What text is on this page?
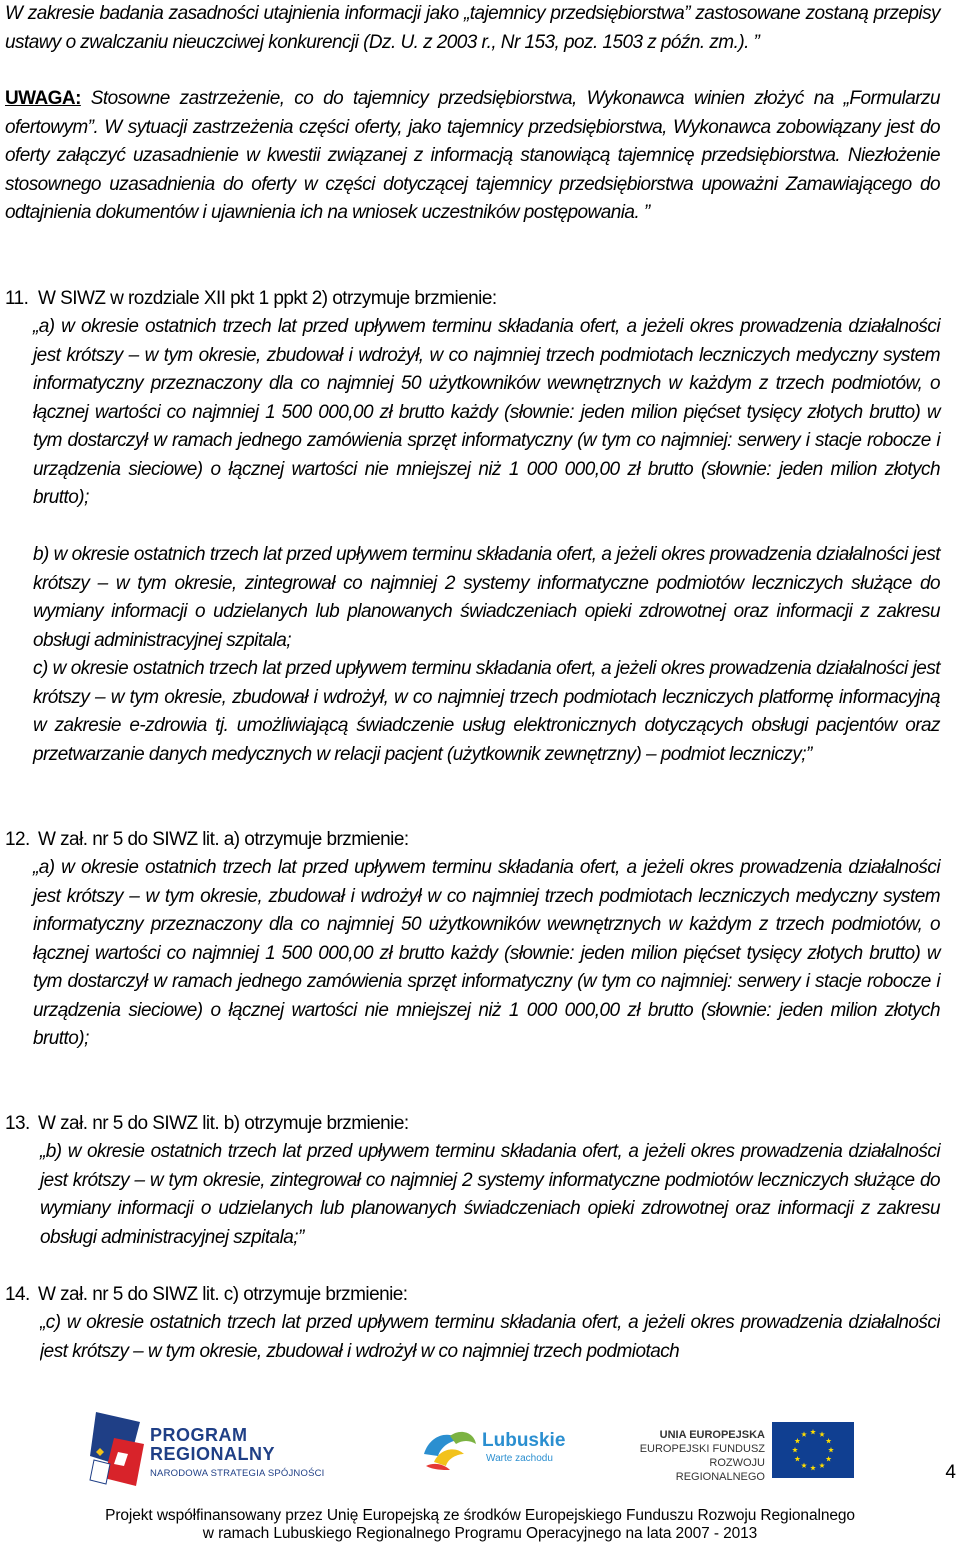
W zakresie badania zasadności utajnienia informacji jako „tajemnicy przedsiębiorstwa” zastosowane zostaną przepisy ustawy o zwalczaniu nieuczciwej konkurencji (Dz. U. z 2003 r., Nr 153, poz. 1503 z późn. zm.). ”

UWAGA: Stosowne zastrzeżenie, co do tajemnicy przedsiębiorstwa, Wykonawca winien złożyć na „Formularzu ofertowym”. W sytuacji zastrzeżenia części oferty, jako tajemnicy przedsiębiorstwa, Wykonawca zobowiązany jest do oferty załączyć uzasadnienie w kwestii związanej z informacją stanowiącą tajemnicę przedsiębiorstwa. Niezłożenie stosownego uzasadnienia do oferty w części dotyczącej tajemnicy przedsiębiorstwa upoważni Zamawiającego do odtajnienia dokumentów i ujawnienia ich na wniosek uczestników postępowania. ”

11. W SIWZ w rozdziale XII pkt 1 ppkt 2) otrzymuje brzmienie:

„a) w okresie ostatnich trzech lat przed upływem terminu składania ofert, a jeżeli okres prowadzenia działalności jest krótszy – w tym okresie, zbudował i wdrożył, w co najmniej trzech podmiotach leczniczych medyczny system informatyczny przeznaczony dla co najmniej 50 użytkowników wewnętrznych w każdym z trzech podmiotów, o łącznej wartości co najmniej 1 500 000,00 zł brutto każdy (słownie: jeden milion pięćset tysięcy złotych brutto) w tym dostarczył w ramach jednego zamówienia sprzęt informatyczny (w tym co najmniej: serwery i stacje robocze i urządzenia sieciowe) o łącznej wartości nie mniejszej niż 1 000 000,00 zł brutto (słownie: jeden milion złotych brutto);

b) w okresie ostatnich trzech lat przed upływem terminu składania ofert, a jeżeli okres prowadzenia działalności jest krótszy – w tym okresie, zintegrował co najmniej 2 systemy informatyczne podmiotów leczniczych służące do wymiany informacji o udzielanych lub planowanych świadczeniach opieki zdrowotnej oraz informacji z zakresu obsługi administracyjnej szpitala;

c) w okresie ostatnich trzech lat przed upływem terminu składania ofert, a jeżeli okres prowadzenia działalności jest krótszy – w tym okresie, zbudował i wdrożył, w co najmniej trzech podmiotach leczniczych platformę informacyjną w zakresie e-zdrowia tj. umożliwiającą świadczenie usług elektronicznych dotyczących obsługi pacjentów oraz przetwarzanie danych medycznych w relacji pacjent (użytkownik zewnętrzny) – podmiot leczniczy;”

12. W zał. nr 5 do SIWZ lit. a) otrzymuje brzmienie:

„a) w okresie ostatnich trzech lat przed upływem terminu składania ofert, a jeżeli okres prowadzenia działalności jest krótszy – w tym okresie, zbudował i wdrożył w co najmniej trzech podmiotach leczniczych medyczny system informatyczny przeznaczony dla co najmniej 50 użytkowników wewnętrznych w każdym z trzech podmiotów, o łącznej wartości co najmniej 1 500 000,00 zł brutto każdy (słownie: jeden milion pięćset tysięcy złotych brutto) w tym dostarczył w ramach jednego zamówienia sprzęt informatyczny (w tym co najmniej: serwery i stacje robocze i urządzenia sieciowe) o łącznej wartości nie mniejszej niż 1 000 000,00 zł brutto (słownie: jeden milion złotych brutto);

13. W zał. nr 5 do SIWZ lit. b) otrzymuje brzmienie:

„b) w okresie ostatnich trzech lat przed upływem terminu składania ofert, a jeżeli okres prowadzenia działalności jest krótszy – w tym okresie, zintegrował co najmniej 2 systemy informatyczne podmiotów leczniczych służące do wymiany informacji o udzielanych lub planowanych świadczeniach opieki zdrowotnej oraz informacji z zakresu obsługi administracyjnej szpitala;”

14. W zał. nr 5 do SIWZ lit. c) otrzymuje brzmienie:

„c) w okresie ostatnich trzech lat przed upływem terminu składania ofert, a jeżeli okres prowadzenia działalności jest krótszy – w tym okresie, zbudował i wdrożył w co najmniej trzech podmiotach

PROGRAM
REGIONALNY
NARODOWA STRATEGIA SPÓJNOŚCI
Lubuskie
Warte zachodu
UNIA EUROPEJSKA
EUROPEJSKI FUNDUSZ
ROZWOJU REGIONALNEGO
Projekt współfinansowany przez Unię Europejską ze środków Europejskiego Funduszu Rozwoju Regionalnego
w ramach Lubuskiego Regionalnego Programu Operacyjnego na lata 2007 - 2013
4
